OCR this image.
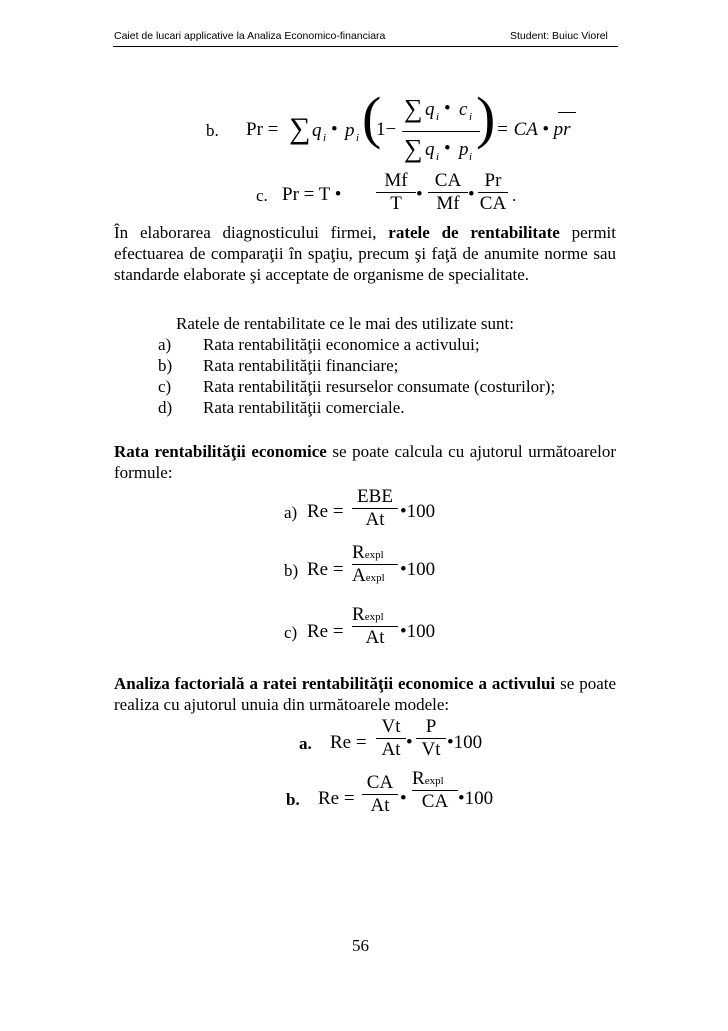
Caiet de lucari applicative la Analiza Economico-financiara	Student: Buiuc Viorel
b. Pr = ∑ q i • p i (
1−
∑ q i • c i
∑ q i • p i
) = CA • pr
c. Pr = T • $\frac{Mf}{T}$ • $\frac{CA}{Mf}$ • $\frac{Pr}{CA}$ .
În elaborarea diagnosticului firmei, ratele de rentabilitate permit efectuarea de comparaţii în spaţiu, precum şi faţă de anumite norme sau standarde elaborate şi acceptate de organisme de specialitate.
Ratele de rentabilitate ce le mai des utilizate sunt:
a) Rata rentabilităţii economice a activului;
b) Rata rentabilităţii financiare;
c) Rata rentabilităţii resurselor consumate (costurilor);
d) Rata rentabilităţii comerciale.
Rata rentabilităţii economice se poate calcula cu ajutorul următoarelor formule:
a) Re =
EBE
At •100
b) $Re = \frac{Rexpl}{Aexpl}$ •100
c) $Re = \frac{Rexpl}{At}$ •100
Analiza factorială a ratei rentabilităţii economice a activului se poate realiza cu ajutorul unuia din următoarele modele:
a. $Re = \frac{Vt}{At}$ • $\frac{P}{Vt}$ •100
b. $Re = \frac{CA}{At}$ • $\frac{Rexpl}{CA}$ •100
56
